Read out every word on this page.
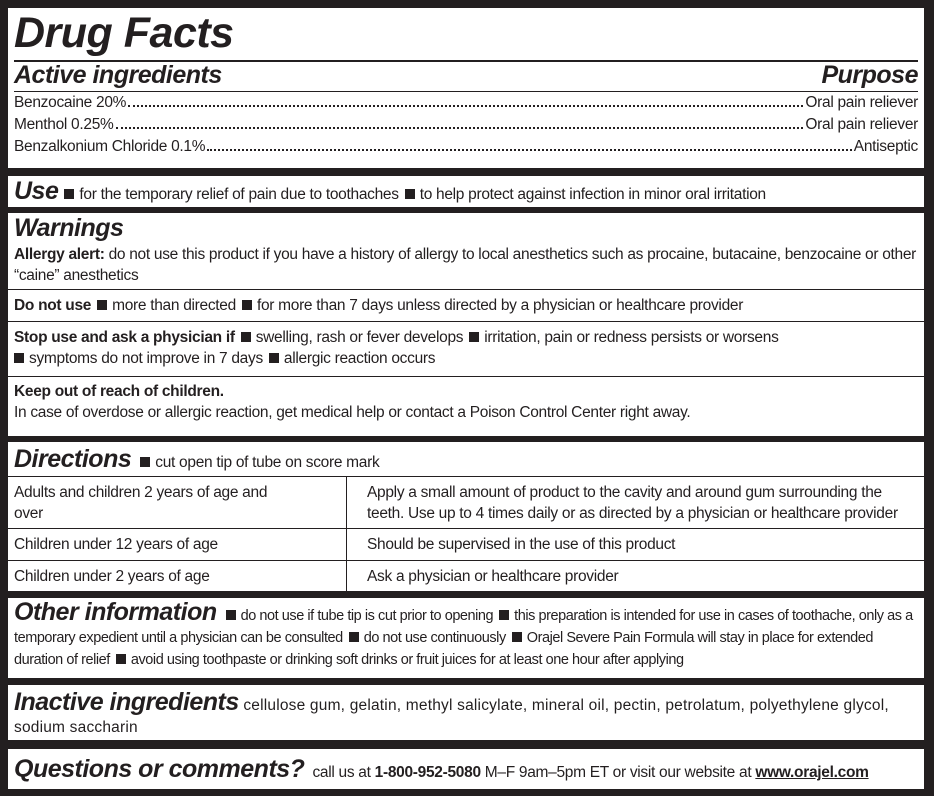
Drug Facts
Active ingredients	Purpose
Benzocaine 20%	Oral pain reliever
Menthol 0.25%	Oral pain reliever
Benzalkonium Chloride 0.1%	Antiseptic
Use for the temporary relief of pain due to toothaches to help protect against infection in minor oral irritation
Warnings
Allergy alert: do not use this product if you have a history of allergy to local anesthetics such as procaine, butacaine, benzocaine or other “caine” anesthetics
Do not use more than directed for more than 7 days unless directed by a physician or healthcare provider
Stop use and ask a physician if swelling, rash or fever develops irritation, pain or redness persists or worsens
symptoms do not improve in 7 days allergic reaction occurs
Keep out of reach of children.
In case of overdose or allergic reaction, get medical help or contact a Poison Control Center right away.
Directions cut open tip of tube on score mark
Adults and children 2 years of age and over	Apply a small amount of product to the cavity and around gum surrounding the teeth. Use up to 4 times daily or as directed by a physician or healthcare provider
Children under 12 years of age	Should be supervised in the use of this product
Children under 2 years of age	Ask a physician or healthcare provider
Other information do not use if tube tip is cut prior to opening this preparation is intended for use in cases of toothache, only as a temporary expedient until a physician can be consulted do not use continuously Orajel Severe Pain Formula will stay in place for extended duration of relief avoid using toothpaste or drinking soft drinks or fruit juices for at least one hour after applying
Inactive ingredients cellulose gum, gelatin, methyl salicylate, mineral oil, pectin, petrolatum, polyethylene glycol, sodium saccharin
Questions or comments? call us at 1-800-952-5080 M–F 9am–5pm ET or visit our website at www.orajel.com
